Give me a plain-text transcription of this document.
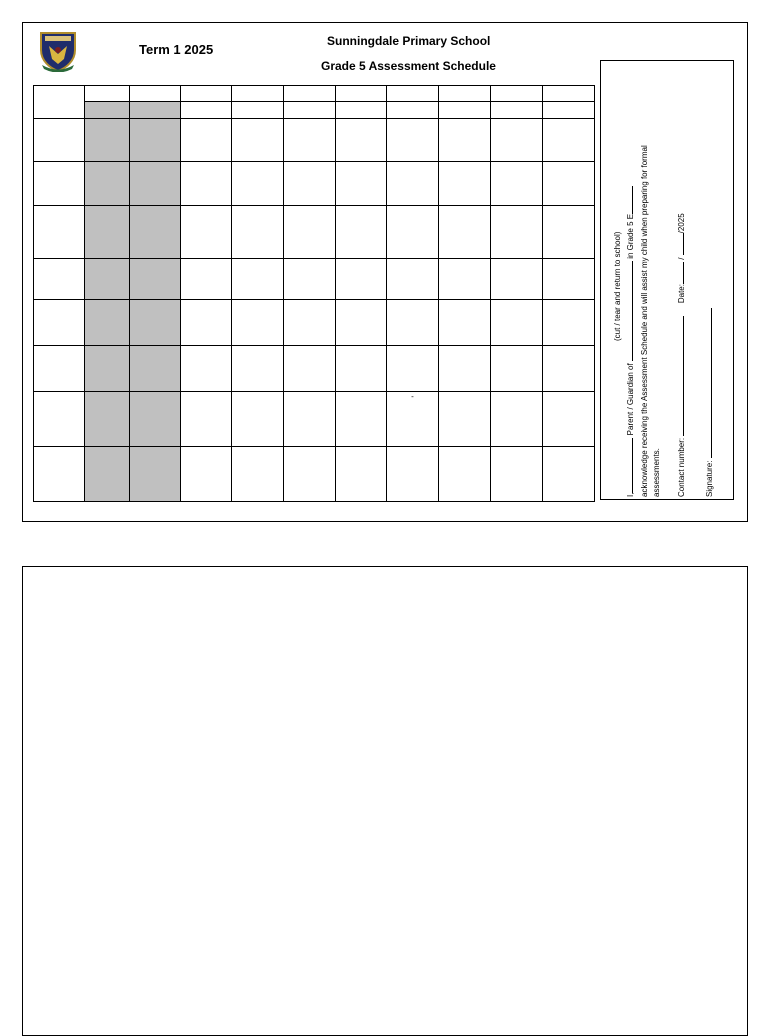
Term 1 2025
Sunningdale Primary School
Grade 5 Assessment Schedule

							-			

(cut / tear and return to school)
I, Parent / Guardian of  in Grade 5 E acknowledge receiving the Assessment Schedule and will assist my child when preparing for formal assessments. Contact number:   Date: / /2025
Signature:
